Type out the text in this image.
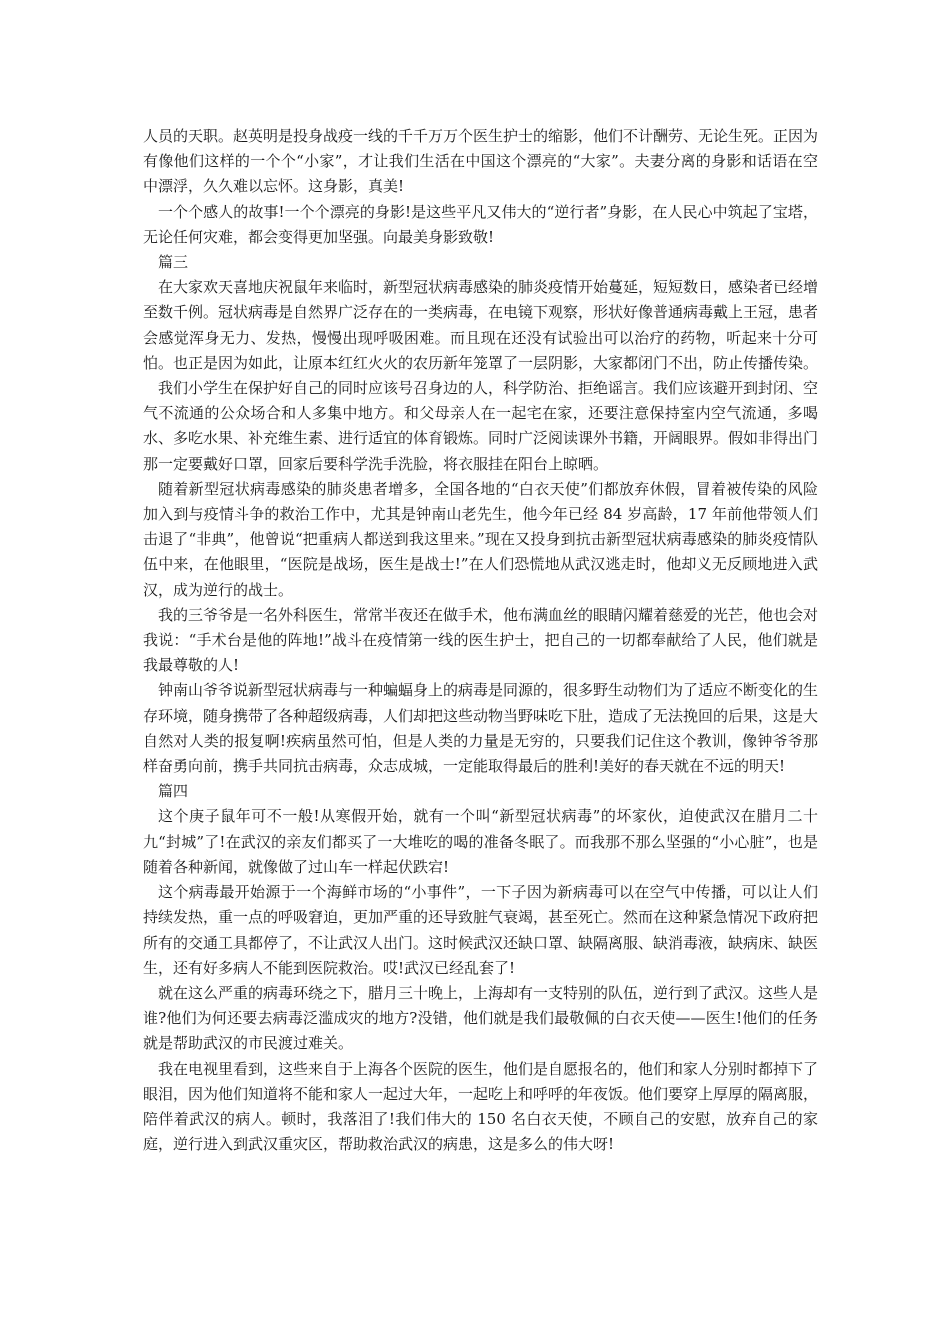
人员的天职。赵英明是投身战疫一线的千千万万个医生护士的缩影，他们不计酬劳、无论生死。正因为有像他们这样的一个个“小家”，才让我们生活在中国这个漂亮的“大家”。夫妻分离的身影和话语在空中漂浮，久久难以忘怀。这身影，真美!

一个个感人的故事!一个个漂亮的身影!是这些平凡又伟大的“逆行者”身影，在人民心中筑起了宝塔，无论任何灾难，都会变得更加坚强。向最美身影致敬!

篇三

在大家欢天喜地庆祝鼠年来临时，新型冠状病毒感染的肺炎疫情开始蔓延，短短数日，感染者已经增至数千例。冠状病毒是自然界广泛存在的一类病毒，在电镜下观察，形状好像普通病毒戴上王冠，患者会感觉浑身无力、发热，慢慢出现呼吸困难。而且现在还没有试验出可以治疗的药物，听起来十分可怕。也正是因为如此，让原本红红火火的农历新年笼罩了一层阴影，大家都闭门不出，防止传播传染。

我们小学生在保护好自己的同时应该号召身边的人，科学防治、拒绝谣言。我们应该避开到封闭、空气不流通的公众场合和人多集中地方。和父母亲人在一起宅在家，还要注意保持室内空气流通，多喝水、多吃水果、补充维生素、进行适宜的体育锻炼。同时广泛阅读课外书籍，开阔眼界。假如非得出门那一定要戴好口罩，回家后要科学洗手洗脸，将衣服挂在阳台上晾晒。

随着新型冠状病毒感染的肺炎患者增多，全国各地的“白衣天使”们都放弃休假，冒着被传染的风险加入到与疫情斗争的救治工作中，尤其是钟南山老先生，他今年已经 84 岁高龄，17 年前他带领人们击退了“非典”，他曾说“把重病人都送到我这里来。”现在又投身到抗击新型冠状病毒感染的肺炎疫情队伍中来，在他眼里，“医院是战场，医生是战士!”在人们恐慌地从武汉逃走时，他却义无反顾地进入武汉，成为逆行的战士。

我的三爷爷是一名外科医生，常常半夜还在做手术，他布满血丝的眼睛闪耀着慈爱的光芒，他也会对我说：“手术台是他的阵地!”战斗在疫情第一线的医生护士，把自己的一切都奉献给了人民，他们就是我最尊敬的人!

钟南山爷爷说新型冠状病毒与一种蝙蝠身上的病毒是同源的，很多野生动物们为了适应不断变化的生存环境，随身携带了各种超级病毒，人们却把这些动物当野味吃下肚，造成了无法挽回的后果，这是大自然对人类的报复啊!疾病虽然可怕，但是人类的力量是无穷的，只要我们记住这个教训，像钟爷爷那样奋勇向前，携手共同抗击病毒，众志成城，一定能取得最后的胜利!美好的春天就在不远的明天!

篇四

这个庚子鼠年可不一般!从寒假开始，就有一个叫“新型冠状病毒”的坏家伙，迫使武汉在腊月二十九“封城”了!在武汉的亲友们都买了一大堆吃的喝的准备冬眠了。而我那不那么坚强的“小心脏”，也是随着各种新闻，就像做了过山车一样起伏跌宕!

这个病毒最开始源于一个海鲜市场的“小事件”，一下子因为新病毒可以在空气中传播，可以让人们持续发热，重一点的呼吸窘迫，更加严重的还导致脏气衰竭，甚至死亡。然而在这种紧急情况下政府把所有的交通工具都停了，不让武汉人出门。这时候武汉还缺口罩、缺隔离服、缺消毒液，缺病床、缺医生，还有好多病人不能到医院救治。哎!武汉已经乱套了!

就在这么严重的病毒环绕之下，腊月三十晚上，上海却有一支特别的队伍，逆行到了武汉。这些人是谁?他们为何还要去病毒泛滥成灾的地方?没错，他们就是我们最敬佩的白衣天使——医生!他们的任务就是帮助武汉的市民渡过难关。

我在电视里看到，这些来自于上海各个医院的医生，他们是自愿报名的，他们和家人分别时都掉下了眼泪，因为他们知道将不能和家人一起过大年，一起吃上和呼呼的年夜饭。他们要穿上厚厚的隔离服，陪伴着武汉的病人。顿时，我落泪了!我们伟大的 150 名白衣天使，不顾自己的安慰，放弃自己的家庭，逆行进入到武汉重灾区，帮助救治武汉的病患，这是多么的伟大呀!
